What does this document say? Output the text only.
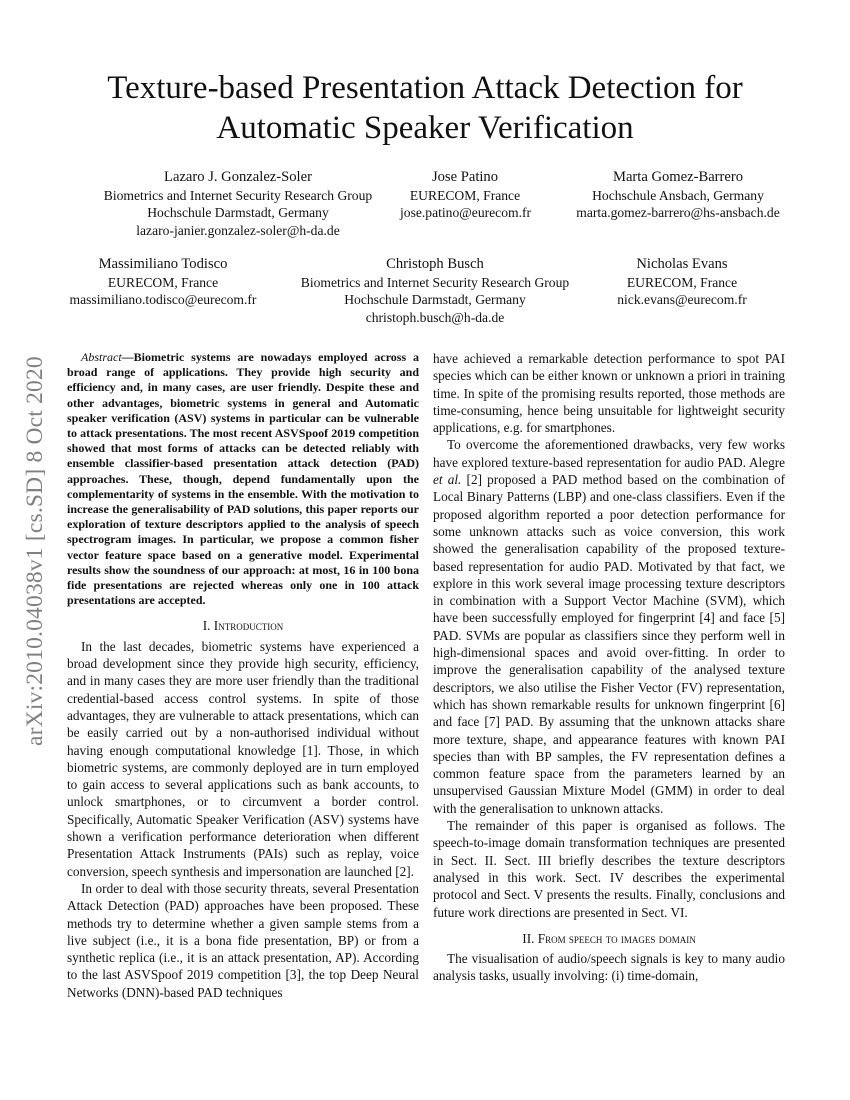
Texture-based Presentation Attack Detection for Automatic Speaker Verification
arXiv:2010.04038v1 [cs.SD] 8 Oct 2020
Lazaro J. Gonzalez-Soler
Biometrics and Internet Security Research Group
Hochschule Darmstadt, Germany
lazaro-janier.gonzalez-soler@h-da.de
Jose Patino
EURECOM, France
jose.patino@eurecom.fr
Marta Gomez-Barrero
Hochschule Ansbach, Germany
marta.gomez-barrero@hs-ansbach.de
Massimiliano Todisco
EURECOM, France
massimiliano.todisco@eurecom.fr
Christoph Busch
Biometrics and Internet Security Research Group
Hochschule Darmstadt, Germany
christoph.busch@h-da.de
Nicholas Evans
EURECOM, France
nick.evans@eurecom.fr

Abstract—Biometric systems are nowadays employed across a broad range of applications. They provide high security and efficiency and, in many cases, are user friendly. Despite these and other advantages, biometric systems in general and Automatic speaker verification (ASV) systems in particular can be vulnerable to attack presentations. The most recent ASVSpoof 2019 competition showed that most forms of attacks can be detected reliably with ensemble classifier-based presentation attack detection (PAD) approaches. These, though, depend fundamentally upon the complementarity of systems in the ensemble. With the motivation to increase the generalisability of PAD solutions, this paper reports our exploration of texture descriptors applied to the analysis of speech spectrogram images. In particular, we propose a common fisher vector feature space based on a generative model. Experimental results show the soundness of our approach: at most, 16 in 100 bona fide presentations are rejected whereas only one in 100 attack presentations are accepted.

I. Introduction

In the last decades, biometric systems have experienced a broad development since they provide high security, efficiency, and in many cases they are more user friendly than the traditional credential-based access control systems. In spite of those advantages, they are vulnerable to attack presentations, which can be easily carried out by a non-authorised individual without having enough computational knowledge [1]. Those, in which biometric systems, are commonly deployed are in turn employed to gain access to several applications such as bank accounts, to unlock smartphones, or to circumvent a border control. Specifically, Automatic Speaker Verification (ASV) systems have shown a verification performance deterioration when different Presentation Attack Instruments (PAIs) such as replay, voice conversion, speech synthesis and impersonation are launched [2].

In order to deal with those security threats, several Presentation Attack Detection (PAD) approaches have been proposed. These methods try to determine whether a given sample stems from a live subject (i.e., it is a bona fide presentation, BP) or from a synthetic replica (i.e., it is an attack presentation, AP). According to the last ASVSpoof 2019 competition [3], the top Deep Neural Networks (DNN)-based PAD techniques

have achieved a remarkable detection performance to spot PAI species which can be either known or unknown a priori in training time. In spite of the promising results reported, those methods are time-consuming, hence being unsuitable for lightweight security applications, e.g. for smartphones.

To overcome the aforementioned drawbacks, very few works have explored texture-based representation for audio PAD. Alegre et al. [2] proposed a PAD method based on the combination of Local Binary Patterns (LBP) and one-class classifiers. Even if the proposed algorithm reported a poor detection performance for some unknown attacks such as voice conversion, this work showed the generalisation capability of the proposed texture-based representation for audio PAD. Motivated by that fact, we explore in this work several image processing texture descriptors in combination with a Support Vector Machine (SVM), which have been successfully employed for fingerprint [4] and face [5] PAD. SVMs are popular as classifiers since they perform well in high-dimensional spaces and avoid over-fitting. In order to improve the generalisation capability of the analysed texture descriptors, we also utilise the Fisher Vector (FV) representation, which has shown remarkable results for unknown fingerprint [6] and face [7] PAD. By assuming that the unknown attacks share more texture, shape, and appearance features with known PAI species than with BP samples, the FV representation defines a common feature space from the parameters learned by an unsupervised Gaussian Mixture Model (GMM) in order to deal with the generalisation to unknown attacks.

The remainder of this paper is organised as follows. The speech-to-image domain transformation techniques are presented in Sect. II. Sect. III briefly describes the texture descriptors analysed in this work. Sect. IV describes the experimental protocol and Sect. V presents the results. Finally, conclusions and future work directions are presented in Sect. VI.

II. From speech to images domain

The visualisation of audio/speech signals is key to many audio analysis tasks, usually involving: (i) time-domain,
